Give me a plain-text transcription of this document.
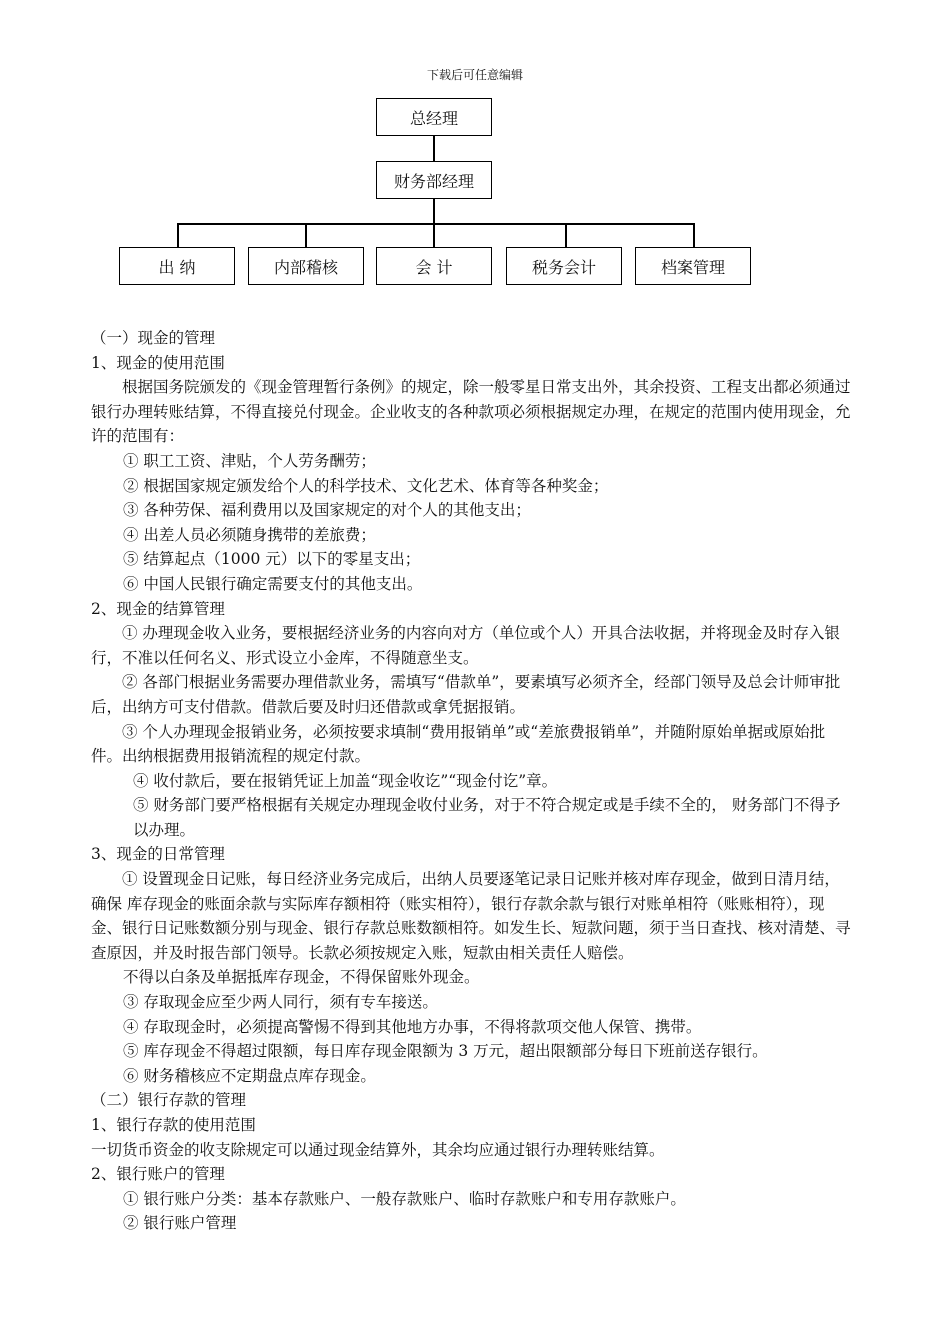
下载后可任意编辑
总经理
财务部经理
出 纳	内部稽核	会 计	税务会计	档案管理

（一）现金的管理

1、现金的使用范围

根据国务院颁发的《现金管理暂行条例》的规定，除一般零星日常支出外，其余投资、工程支出都必须通过银行办理转账结算，不得直接兑付现金。企业收支的各种款项必须根据规定办理，在规定的范围内使用现金，允许的范围有：

① 职工工资、津贴，个人劳务酬劳；

② 根据国家规定颁发给个人的科学技术、文化艺术、体育等各种奖金；

③ 各种劳保、福利费用以及国家规定的对个人的其他支出；

④ 出差人员必须随身携带的差旅费；

⑤ 结算起点（1000 元）以下的零星支出；

⑥ 中国人民银行确定需要支付的其他支出。

2、现金的结算管理

① 办理现金收入业务，要根据经济业务的内容向对方（单位或个人）开具合法收据，并将现金及时存入银行，不准以任何名义、形式设立小金库，不得随意坐支。

② 各部门根据业务需要办理借款业务，需填写“借款单”，要素填写必须齐全，经部门领导及总会计师审批后，出纳方可支付借款。借款后要及时归还借款或拿凭据报销。

③ 个人办理现金报销业务，必须按要求填制“费用报销单”或“差旅费报销单”，并随附原始单据或原始批件。出纳根据费用报销流程的规定付款。

④ 收付款后，要在报销凭证上加盖“现金收讫”“现金付讫”章。

⑤ 财务部门要严格根据有关规定办理现金收付业务，对于不符合规定或是手续不全的， 财务部门不得予以办理。

3、现金的日常管理

① 设置现金日记账，每日经济业务完成后，出纳人员要逐笔记录日记账并核对库存现金，做到日清月结，确保 库存现金的账面余款与实际库存额相符（账实相符），银行存款余款与银行对账单相符（账账相符），现金、银行日记账数额分别与现金、银行存款总账数额相符。如发生长、短款问题，须于当日查找、核对清楚、寻查原因，并及时报告部门领导。长款必须按规定入账，短款由相关责任人赔偿。

不得以白条及单据抵库存现金，不得保留账外现金。

③ 存取现金应至少两人同行，须有专车接送。

④ 存取现金时，必须提高警惕不得到其他地方办事，不得将款项交他人保管、携带。

⑤ 库存现金不得超过限额，每日库存现金限额为 3 万元，超出限额部分每日下班前送存银行。

⑥ 财务稽核应不定期盘点库存现金。

（二）银行存款的管理

1、银行存款的使用范围

一切货币资金的收支除规定可以通过现金结算外，其余均应通过银行办理转账结算。

2、银行账户的管理

① 银行账户分类：基本存款账户、一般存款账户、临时存款账户和专用存款账户。

② 银行账户管理
